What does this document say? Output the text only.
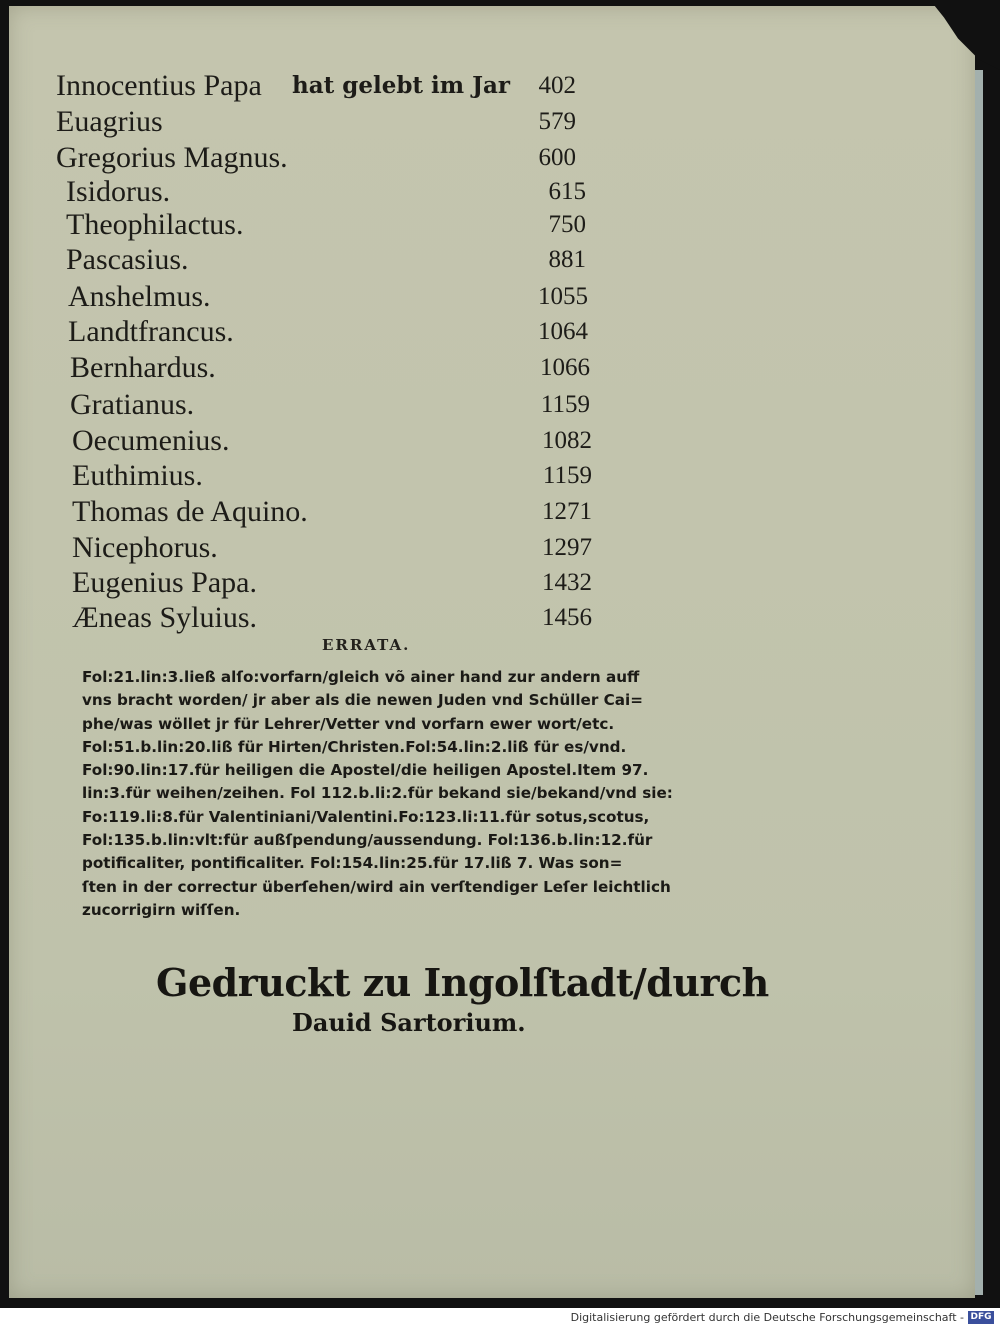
Innocentius Papa hat gelebt im Jar	402
Euagrius	579
Gregorius Magnus.	600
Isidorus.	615
Theophilactus.	750
Pascasius.	881
Anshelmus.	1055
Landtfrancus.	1064
Bernhardus.	1066
Gratianus.	1159
Oecumenius.	1082
Euthimius.	1159
Thomas de Aquino.	1271
Nicephorus.	1297
Eugenius Papa.	1432
Æneas Syluius.	1456
ERRATA.
Fol:21.lin:3.ließ alſo:vorfarn/gleich võ ainer hand zur andern auff
vns bracht worden/ jr aber als die newen Juden vnd Schüller Cai=
phe/was wöllet jr für Lehrer/Vetter vnd vorfarn ewer wort/etc.
Fol:51.b.lin:20.liß für Hirten/Christen.Fol:54.lin:2.liß für es/vnd.
Fol:90.lin:17.für heiligen die Apostel/die heiligen Apostel.Item 97.
lin:3.für weihen/zeihen. Fol 112.b.li:2.für bekand sie/bekand/vnd sie:
Fo:119.li:8.für Valentiniani/Valentini.Fo:123.li:11.für sotus,scotus,
Fol:135.b.lin:vlt:für außſpendung/aussendung. Fol:136.b.lin:12.für
potificaliter, pontificaliter. Fol:154.lin:25.für 17.liß 7. Was son=
ſten in der correctur überſehen/wird ain verſtendiger Leſer leichtlich
zucorrigirn wiſſen.
Gedruckt zu Ingolſtadt/durch
Dauid Sartorium.
Digitalisierung gefördert durch die Deutsche Forschungsgemeinschaft - DFG
